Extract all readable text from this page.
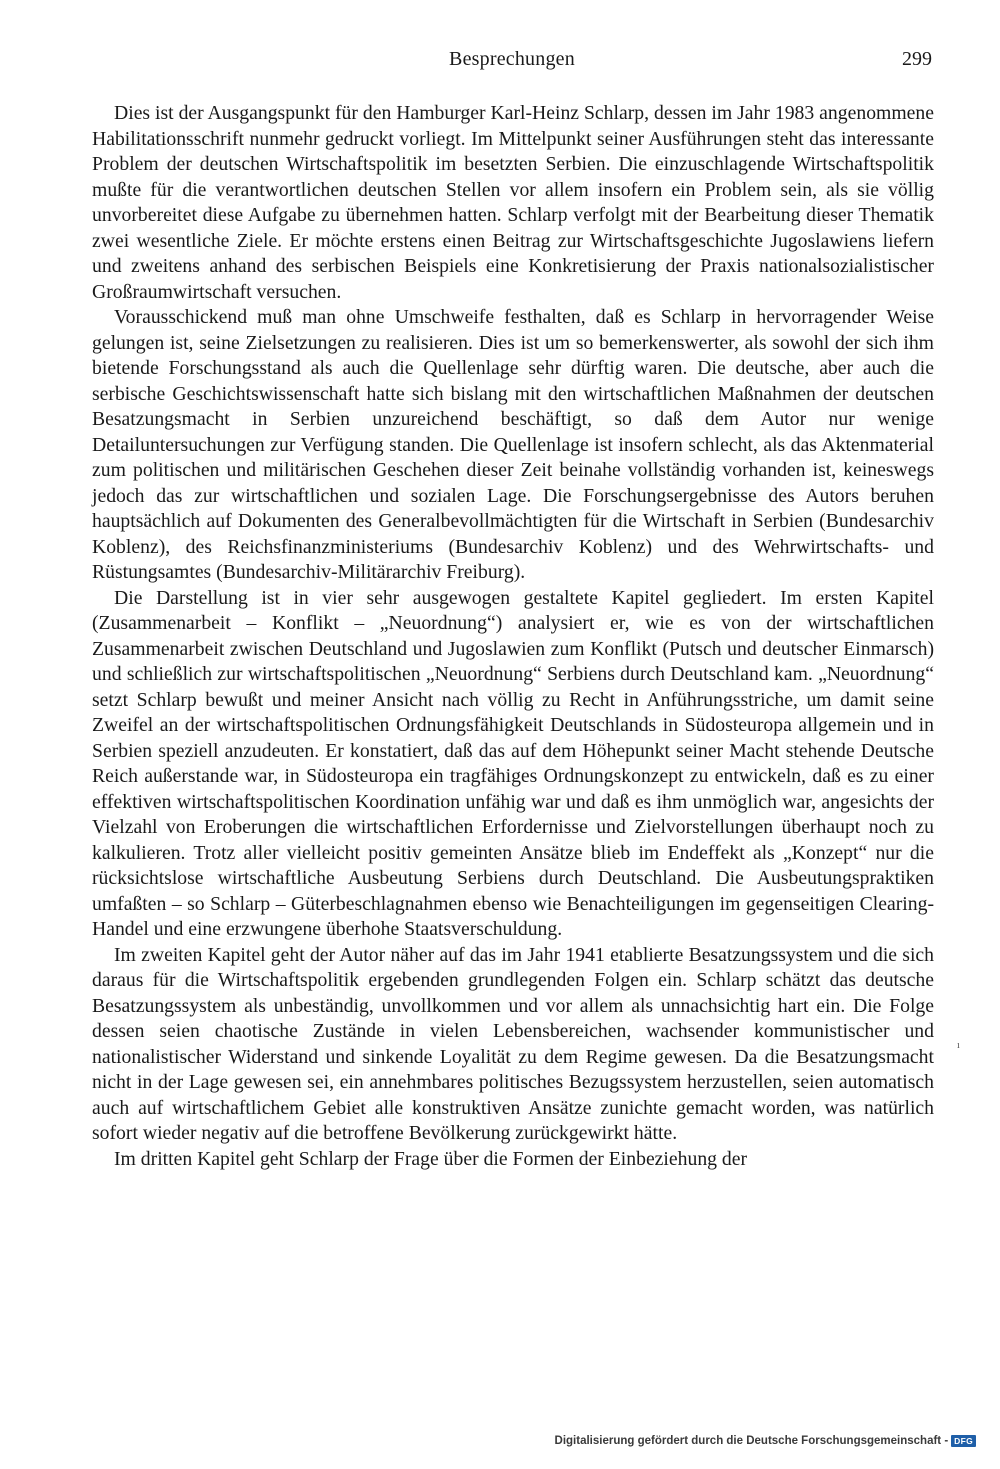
Besprechungen	299

Dies ist der Ausgangspunkt für den Hamburger Karl-Heinz Schlarp, dessen im Jahr 1983 angenommene Habilitationsschrift nunmehr gedruckt vorliegt. Im Mittelpunkt seiner Ausführungen steht das interessante Problem der deutschen Wirtschaftspolitik im besetzten Serbien. Die einzuschlagende Wirtschaftspolitik mußte für die verantwortlichen deutschen Stellen vor allem insofern ein Problem sein, als sie völlig unvorbereitet diese Aufgabe zu übernehmen hatten. Schlarp verfolgt mit der Bearbeitung dieser Thematik zwei wesentliche Ziele. Er möchte erstens einen Beitrag zur Wirtschaftsgeschichte Jugoslawiens liefern und zweitens anhand des serbischen Beispiels eine Konkretisierung der Praxis nationalsozialistischer Großraumwirtschaft versuchen.

Vorausschickend muß man ohne Umschweife festhalten, daß es Schlarp in hervorragender Weise gelungen ist, seine Zielsetzungen zu realisieren. Dies ist um so bemerkenswerter, als sowohl der sich ihm bietende Forschungsstand als auch die Quellenlage sehr dürftig waren. Die deutsche, aber auch die serbische Geschichtswissenschaft hatte sich bislang mit den wirtschaftlichen Maßnahmen der deutschen Besatzungsmacht in Serbien unzureichend beschäftigt, so daß dem Autor nur wenige Detailuntersuchungen zur Verfügung standen. Die Quellenlage ist insofern schlecht, als das Aktenmaterial zum politischen und militärischen Geschehen dieser Zeit beinahe vollständig vorhanden ist, keineswegs jedoch das zur wirtschaftlichen und sozialen Lage. Die Forschungsergebnisse des Autors beruhen hauptsächlich auf Dokumenten des Generalbevollmächtigten für die Wirtschaft in Serbien (Bundesarchiv Koblenz), des Reichsfinanzministeriums (Bundesarchiv Koblenz) und des Wehrwirtschafts- und Rüstungsamtes (Bundesarchiv-Militärarchiv Freiburg).

Die Darstellung ist in vier sehr ausgewogen gestaltete Kapitel gegliedert. Im ersten Kapitel (Zusammenarbeit – Konflikt – „Neuordnung“) analysiert er, wie es von der wirtschaftlichen Zusammenarbeit zwischen Deutschland und Jugoslawien zum Konflikt (Putsch und deutscher Einmarsch) und schließlich zur wirtschaftspolitischen „Neuordnung“ Serbiens durch Deutschland kam. „Neuordnung“ setzt Schlarp bewußt und meiner Ansicht nach völlig zu Recht in Anführungsstriche, um damit seine Zweifel an der wirtschaftspolitischen Ordnungsfähigkeit Deutschlands in Südosteuropa allgemein und in Serbien speziell anzudeuten. Er konstatiert, daß das auf dem Höhepunkt seiner Macht stehende Deutsche Reich außerstande war, in Südosteuropa ein tragfähiges Ordnungskonzept zu entwickeln, daß es zu einer effektiven wirtschaftspolitischen Koordination unfähig war und daß es ihm unmöglich war, angesichts der Vielzahl von Eroberungen die wirtschaftlichen Erfordernisse und Zielvorstellungen überhaupt noch zu kalkulieren. Trotz aller vielleicht positiv gemeinten Ansätze blieb im Endeffekt als „Konzept“ nur die rücksichtslose wirtschaftliche Ausbeutung Serbiens durch Deutschland. Die Ausbeutungspraktiken umfaßten – so Schlarp – Güterbeschlagnahmen ebenso wie Benachteiligungen im gegenseitigen Clearing-Handel und eine erzwungene überhohe Staatsverschuldung.

Im zweiten Kapitel geht der Autor näher auf das im Jahr 1941 etablierte Besatzungssystem und die sich daraus für die Wirtschaftspolitik ergebenden grundlegenden Folgen ein. Schlarp schätzt das deutsche Besatzungssystem als unbeständig, unvollkommen und vor allem als unnachsichtig hart ein. Die Folge dessen seien chaotische Zustände in vielen Lebensbereichen, wachsender kommunistischer und nationalistischer Widerstand und sinkende Loyalität zu dem Regime gewesen. Da die Besatzungsmacht nicht in der Lage gewesen sei, ein annehmbares politisches Bezugssystem herzustellen, seien automatisch auch auf wirtschaftlichem Gebiet alle konstruktiven Ansätze zunichte gemacht worden, was natürlich sofort wieder negativ auf die betroffene Bevölkerung zurückgewirkt hätte.

Im dritten Kapitel geht Schlarp der Frage über die Formen der Einbeziehung der

ı
Digitalisierung gefördert durch die Deutsche Forschungsgemeinschaft - DFG
